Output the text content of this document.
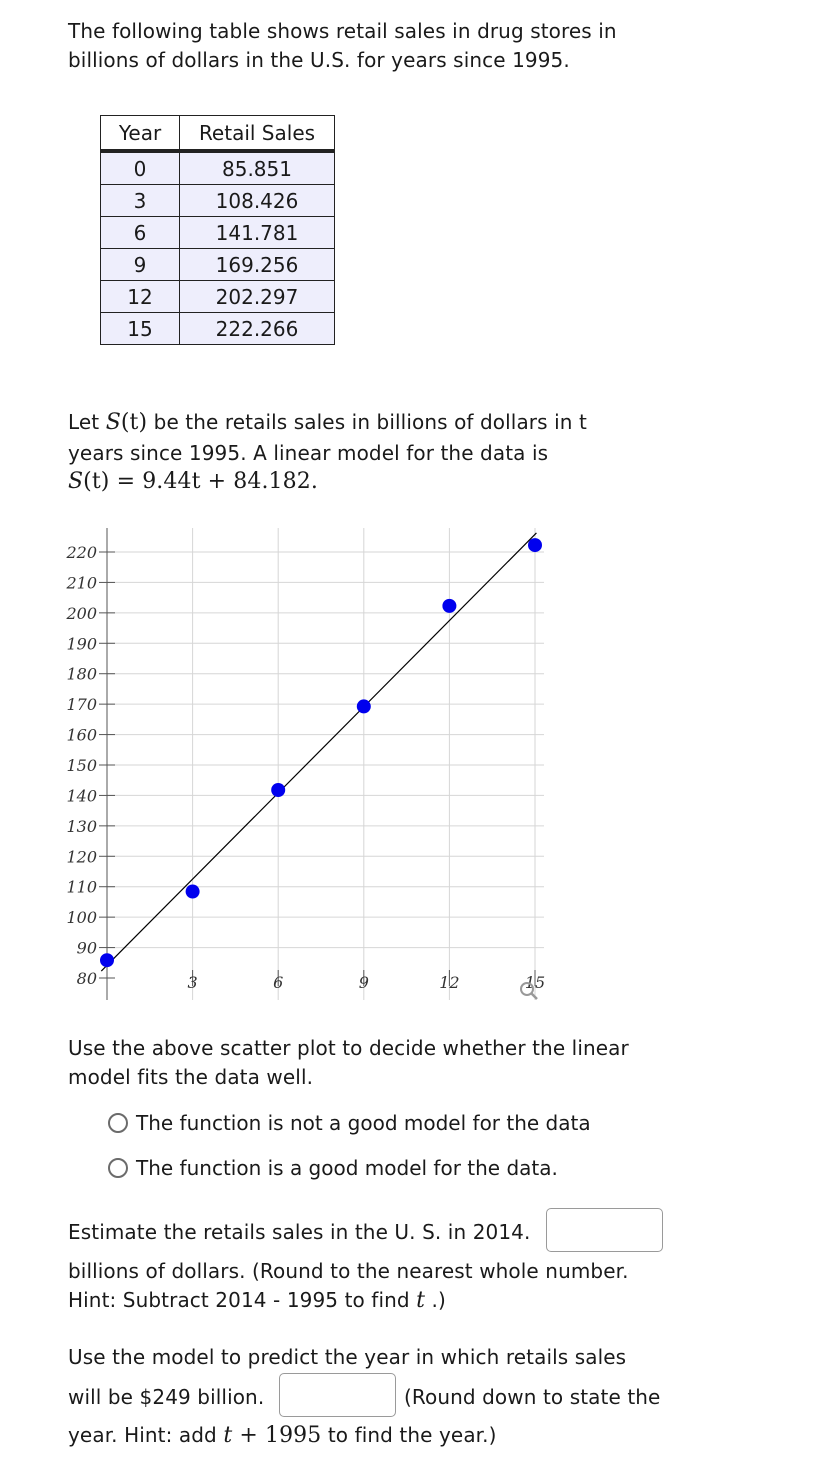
The following table shows retail sales in drug stores in
billions of dollars in the U.S. for years since 1995.
Year	Retail Sales
0	85.851
3	108.426
6	141.781
9	169.256
12	202.297
15	222.266
Let S(t) be the retails sales in billions of dollars in t
years since 1995. A linear model for the data is
S(t) = 9.44t + 84.182.
220
210
200
190
180
170
160
150
140
130
120
110
100
90
80	3	6	9	12	15
Use the above scatter plot to decide whether the linear
model fits the data well.
The function is not a good model for the data
The function is a good model for the data.
Estimate the retails sales in the U. S. in 2014.
billions of dollars. (Round to the nearest whole number.
Hint: Subtract 2014 - 1995 to find t .)
Use the model to predict the year in which retails sales
will be $249 billion.	(Round down to state the
year. Hint: add t + 1995 to find the year.)
